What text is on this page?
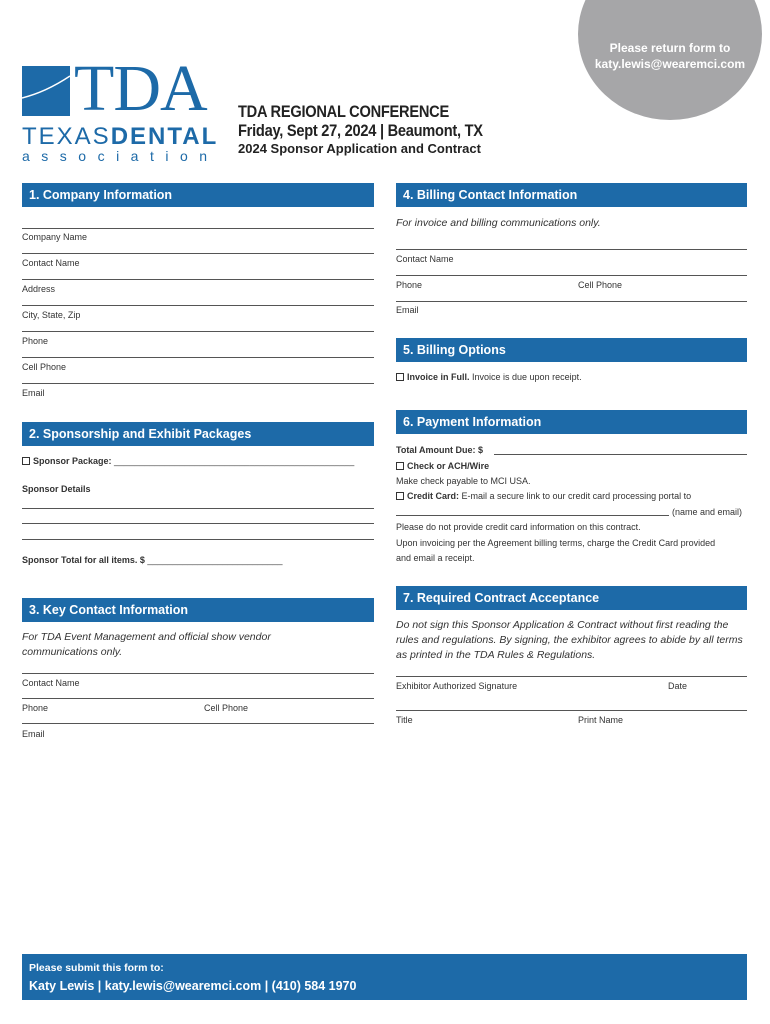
Please return form to
katy.lewis@wearemci.com
TDA
TEXASDENTAL
association
TDA REGIONAL CONFERENCE
Friday, Sept 27, 2024 | Beaumont, TX
2024 Sponsor Application and Contract
1. Company Information
Company Name
Contact Name
Address
City, State, Zip
Phone
Cell Phone
Email
2. Sponsorship and Exhibit Packages
Sponsor Package: ________________________________________________
Sponsor Details
Sponsor Total for all items. $ ___________________________
3. Key Contact Information
For TDA Event Management and official show vendor communications only.
Contact Name
Phone	Cell Phone
Email
4. Billing Contact Information
For invoice and billing communications only.
Contact Name
Phone	Cell Phone
Email
5. Billing Options
Invoice in Full. Invoice is due upon receipt.
6. Payment Information
Total Amount Due: $
Check or ACH/Wire
Make check payable to MCI USA.
Credit Card: E-mail a secure link to our credit card processing portal to
(name and email)
Please do not provide credit card information on this contract.
Upon invoicing per the Agreement billing terms, charge the Credit Card provided
and email a receipt.
7. Required Contract Acceptance
Do not sign this Sponsor Application & Contract without first reading the rules and regulations. By signing, the exhibitor agrees to abide by all terms as printed in the TDA Rules & Regulations.
Exhibitor Authorized Signature	Date
Title	Print Name
Please submit this form to:
Katy Lewis | katy.lewis@wearemci.com | (410) 584 1970
